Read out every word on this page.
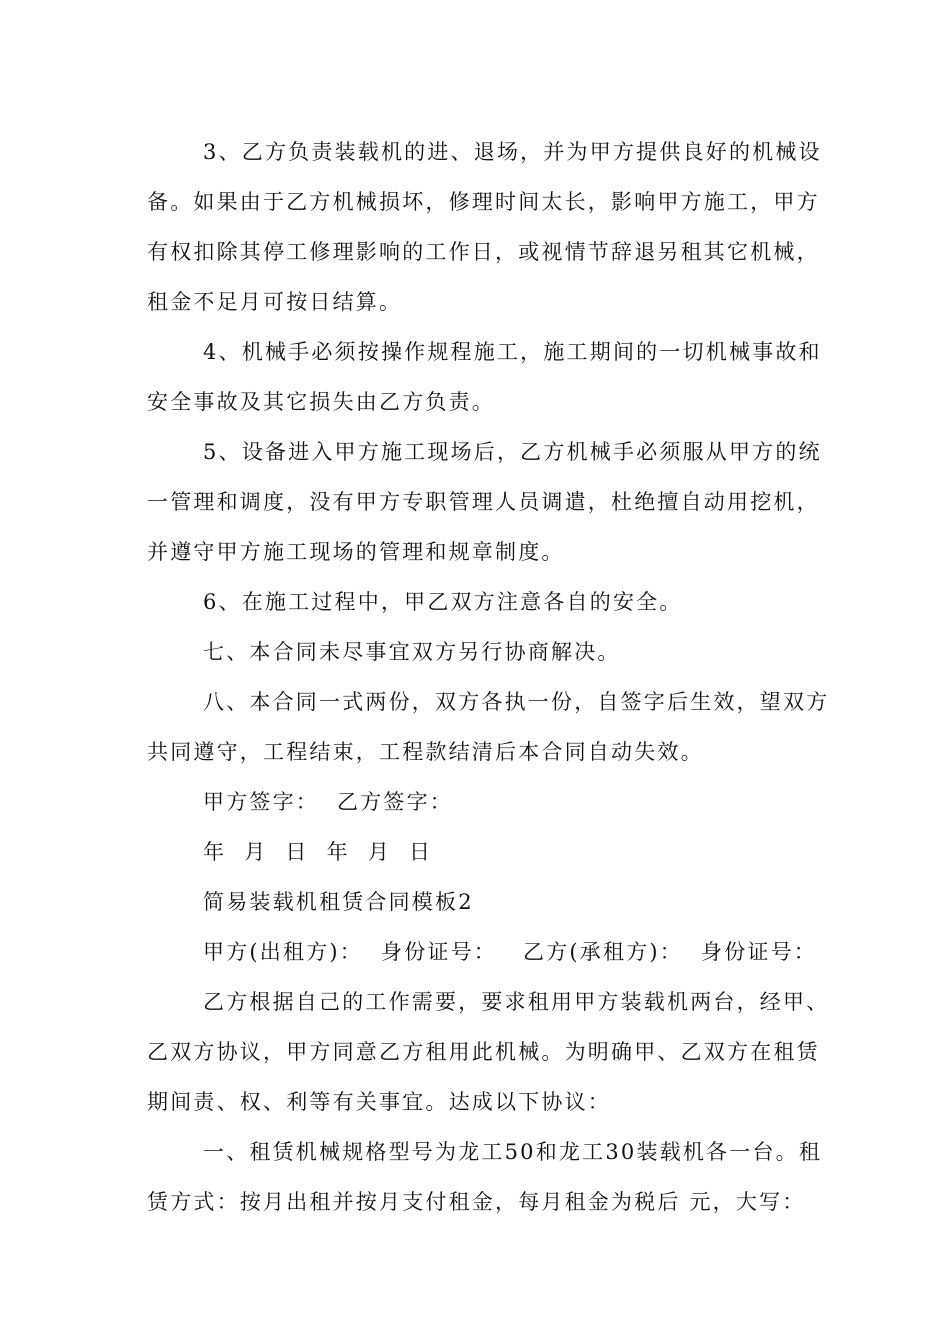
3、乙方负责装载机的进、退场，并为甲方提供良好的机械设
备。如果由于乙方机械损坏，修理时间太长，影响甲方施工，甲方
有权扣除其停工修理影响的工作日，或视情节辞退另租其它机械，
租金不足月可按日结算。
4、机械手必须按操作规程施工，施工期间的一切机械事故和
安全事故及其它损失由乙方负责。
5、设备进入甲方施工现场后，乙方机械手必须服从甲方的统
一管理和调度，没有甲方专职管理人员调遣，杜绝擅自动用挖机，
并遵守甲方施工现场的管理和规章制度。
6、在施工过程中，甲乙双方注意各自的安全。
七、本合同未尽事宜双方另行协商解决。
八、本合同一式两份，双方各执一份，自签字后生效，望双方
共同遵守，工程结束，工程款结清后本合同自动失效。
甲方签字： 乙方签字：
年 月 日 年 月 日
简易装载机租赁合同模板2
甲方(出租方)： 身份证号： 乙方(承租方)： 身份证号：
乙方根据自己的工作需要，要求租用甲方装载机两台，经甲、
乙双方协议，甲方同意乙方租用此机械。为明确甲、乙双方在租赁
期间责、权、利等有关事宜。达成以下协议：
一、租赁机械规格型号为龙工50和龙工30装载机各一台。租
赁方式：按月出租并按月支付租金，每月租金为税后 元，大写：
